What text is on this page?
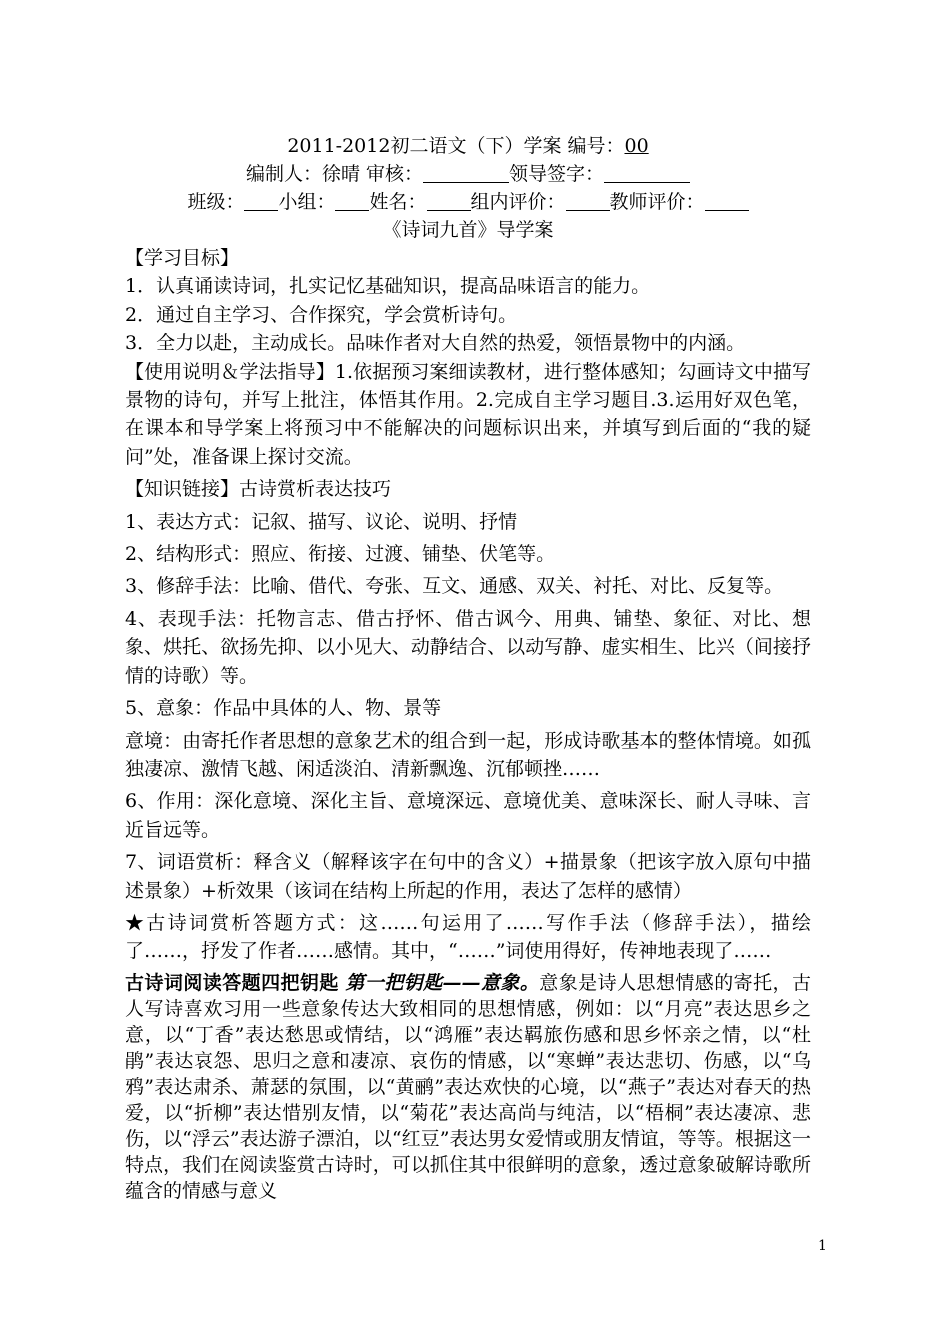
2011-2012初二语文（下）学案 编号：00
编制人：徐晴 审核：	领导签字：
班级： 小组： 姓名： 组内评价： 教师评价：
《诗词九首》导学案

【学习目标】

1．认真诵读诗词，扎实记忆基础知识，提高品味语言的能力。

2．通过自主学习、合作探究，学会赏析诗句。

3．全力以赴，主动成长。品味作者对大自然的热爱，领悟景物中的内涵。

【使用说明＆学法指导】1.依据预习案细读教材，进行整体感知；勾画诗文中描写景物的诗句，并写上批注，体悟其作用。2.完成自主学习题目.3.运用好双色笔，在课本和导学案上将预习中不能解决的问题标识出来，并填写到后面的“我的疑问”处，准备课上探讨交流。

【知识链接】古诗赏析表达技巧

1、表达方式：记叙、描写、议论、说明、抒情

2、结构形式：照应、衔接、过渡、铺垫、伏笔等。

3、修辞手法：比喻、借代、夸张、互文、通感、双关、衬托、对比、反复等。

4、表现手法：托物言志、借古抒怀、借古讽今、用典、铺垫、象征、对比、想象、烘托、欲扬先抑、以小见大、动静结合、以动写静、虚实相生、比兴（间接抒情的诗歌）等。

5、意象：作品中具体的人、物、景等

意境：由寄托作者思想的意象艺术的组合到一起，形成诗歌基本的整体情境。如孤独凄凉、激情飞越、闲适淡泊、清新飘逸、沉郁顿挫……

6、作用：深化意境、深化主旨、意境深远、意境优美、意味深长、耐人寻味、言近旨远等。

7、词语赏析：释含义（解释该字在句中的含义）+描景象（把该字放入原句中描述景象）+析效果（该词在结构上所起的作用，表达了怎样的感情）

★古诗词赏析答题方式：这……句运用了……写作手法（修辞手法），描绘了……，抒发了作者……感情。其中，“……”词使用得好，传神地表现了……

古诗词阅读答题四把钥匙 第一把钥匙——意象。意象是诗人思想情感的寄托，古人写诗喜欢习用一些意象传达大致相同的思想情感，例如：以“月亮”表达思乡之意，以“丁香”表达愁思或情结，以“鸿雁”表达羁旅伤感和思乡怀亲之情，以“杜鹃”表达哀怨、思归之意和凄凉、哀伤的情感，以“寒蝉”表达悲切、伤感，以“乌鸦”表达肃杀、萧瑟的氛围，以“黄鹂”表达欢快的心境，以“燕子”表达对春天的热爱，以“折柳”表达惜别友情，以“菊花”表达高尚与纯洁，以“梧桐”表达凄凉、悲伤，以“浮云”表达游子漂泊，以“红豆”表达男女爱情或朋友情谊，等等。根据这一特点，我们在阅读鉴赏古诗时，可以抓住其中很鲜明的意象，透过意象破解诗歌所蕴含的情感与意义

1
